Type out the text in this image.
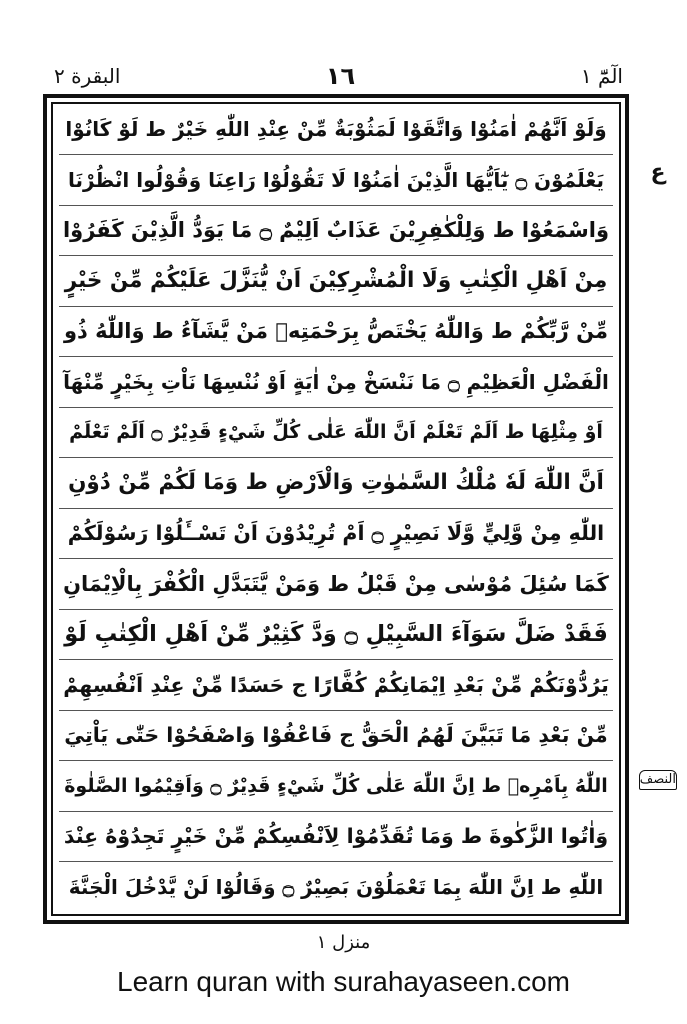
البقرة ٢	١٦	الٓمّٓ ١
وَلَوْ اَنَّهُمْ اٰمَنُوْا وَاتَّقَوْا لَمَثُوْبَةٌ مِّنْ عِنْدِ اللّٰهِ خَيْرٌ ط لَوْ كَانُوْا
يَعْلَمُوْنَ ۝ يٰٓاَيُّهَا الَّذِيْنَ اٰمَنُوْا لَا تَقُوْلُوْا رَاعِنَا وَقُوْلُوا انْظُرْنَا
وَاسْمَعُوْا ط وَلِلْكٰفِرِيْنَ عَذَابٌ اَلِيْمٌ ۝ مَا يَوَدُّ الَّذِيْنَ كَفَرُوْا
مِنْ اَهْلِ الْكِتٰبِ وَلَا الْمُشْرِكِيْنَ اَنْ يُّنَزَّلَ عَلَيْكُمْ مِّنْ خَيْرٍ
مِّنْ رَّبِّكُمْ ط وَاللّٰهُ يَخْتَصُّ بِرَحْمَتِهٖ مَنْ يَّشَآءُ ط وَاللّٰهُ ذُو
الْفَضْلِ الْعَظِيْمِ ۝ مَا نَنْسَخْ مِنْ اٰيَةٍ اَوْ نُنْسِهَا نَاْتِ بِخَيْرٍ مِّنْهَآ
اَوْ مِثْلِهَا ط اَلَمْ تَعْلَمْ اَنَّ اللّٰهَ عَلٰى كُلِّ شَيْءٍ قَدِيْرٌ ۝ اَلَمْ تَعْلَمْ
اَنَّ اللّٰهَ لَهٗ مُلْكُ السَّمٰوٰتِ وَالْاَرْضِ ط وَمَا لَكُمْ مِّنْ دُوْنِ
اللّٰهِ مِنْ وَّلِيٍّ وَّلَا نَصِيْرٍ ۝ اَمْ تُرِيْدُوْنَ اَنْ تَسْــَٔلُوْا رَسُوْلَكُمْ
كَمَا سُئِلَ مُوْسٰى مِنْ قَبْلُ ط وَمَنْ يَّتَبَدَّلِ الْكُفْرَ بِالْاِيْمَانِ
فَقَدْ ضَلَّ سَوَآءَ السَّبِيْلِ ۝ وَدَّ كَثِيْرٌ مِّنْ اَهْلِ الْكِتٰبِ لَوْ
يَرُدُّوْنَكُمْ مِّنْ بَعْدِ اِيْمَانِكُمْ كُفَّارًا ج حَسَدًا مِّنْ عِنْدِ اَنْفُسِهِمْ
مِّنْ بَعْدِ مَا تَبَيَّنَ لَهُمُ الْحَقُّ ج فَاعْفُوْا وَاصْفَحُوْا حَتّٰى يَاْتِيَ
اللّٰهُ بِاَمْرِهٖ ط اِنَّ اللّٰهَ عَلٰى كُلِّ شَيْءٍ قَدِيْرٌ ۝ وَاَقِيْمُوا الصَّلٰوةَ
وَاٰتُوا الزَّكٰوةَ ط وَمَا تُقَدِّمُوْا لِاَنْفُسِكُمْ مِّنْ خَيْرٍ تَجِدُوْهُ عِنْدَ
اللّٰهِ ط اِنَّ اللّٰهَ بِمَا تَعْمَلُوْنَ بَصِيْرٌ ۝ وَقَالُوْا لَنْ يَّدْخُلَ الْجَنَّةَ
ع
النصف
منزل ١
Learn quran with surahayaseen.com
